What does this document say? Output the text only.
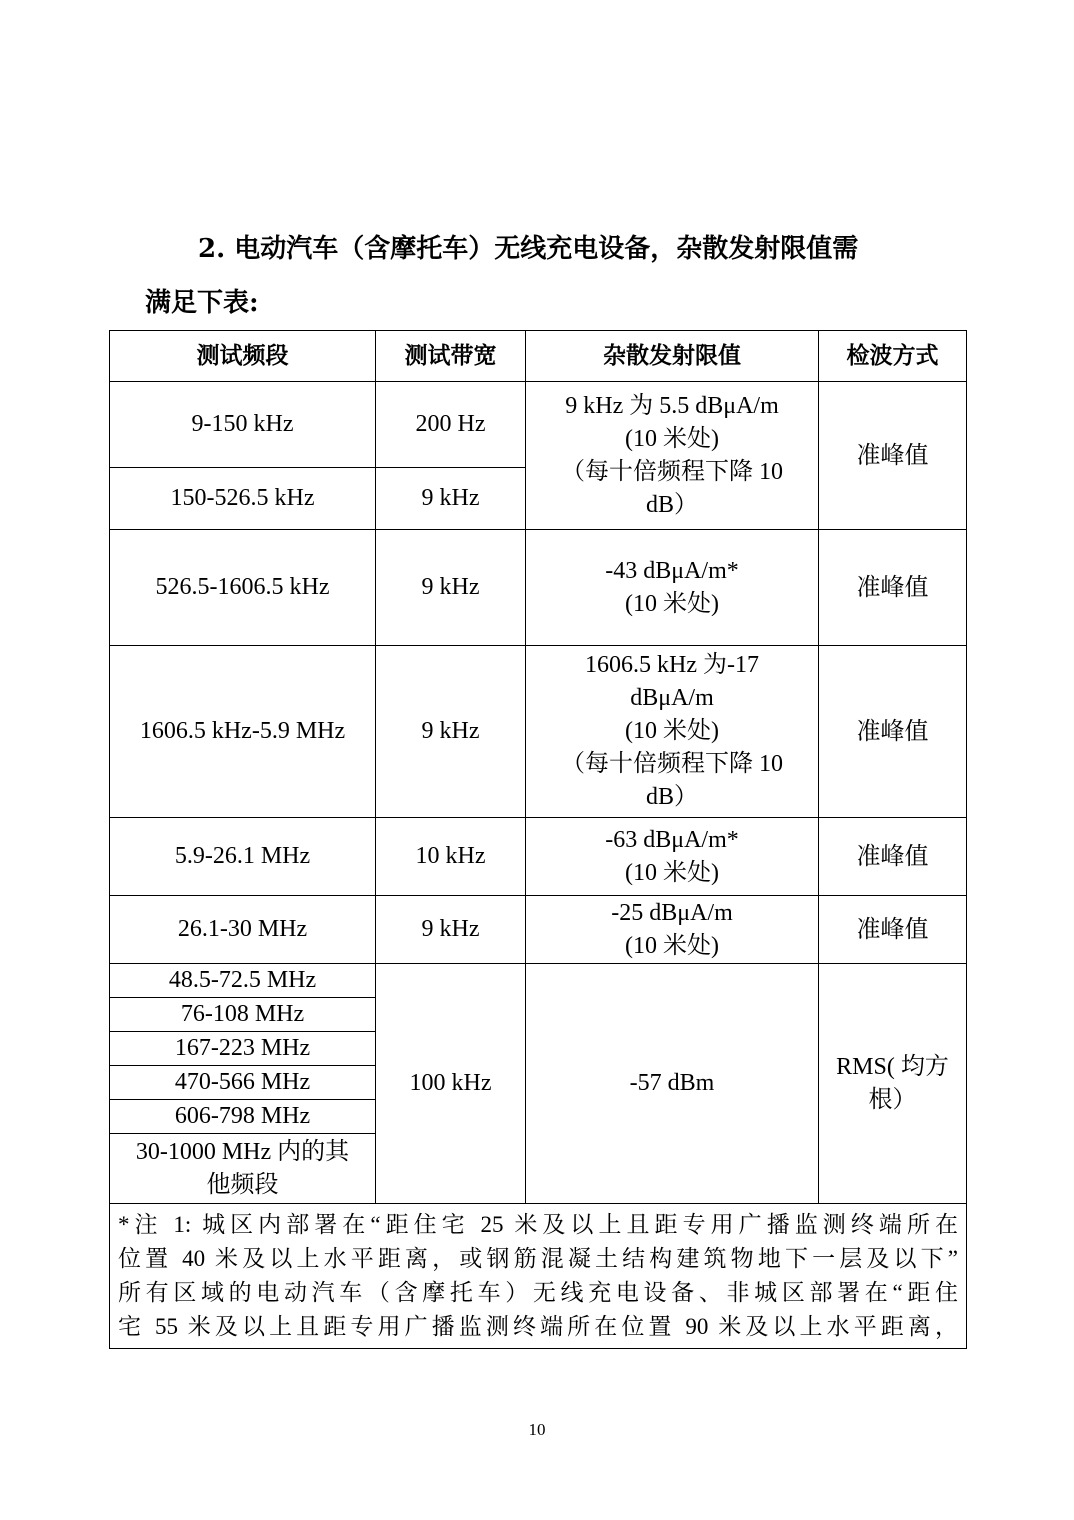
2. 电动汽车（含摩托车）无线充电设备，杂散发射限值需

满足下表:

测试频段	测试带宽	杂散发射限值	检波方式
9-150 kHz	200 Hz	9 kHz 为 5.5 dBμA/m
(10 米处)
（每十倍频程下降 10
dB）	准峰值
150-526.5 kHz	9 kHz		
526.5-1606.5 kHz	9 kHz	-43 dBμA/m*
(10 米处)	准峰值
1606.5 kHz-5.9 MHz	9 kHz	1606.5 kHz 为-17
dBμA/m
(10 米处)
（每十倍频程下降 10
dB）	准峰值
5.9-26.1 MHz	10 kHz	-63 dBμA/m*
(10 米处)	准峰值
26.1-30 MHz	9 kHz	-25 dBμA/m
(10 米处)	准峰值
48.5-72.5 MHz	100 kHz	-57 dBm	RMS( 均方
根）

76-108 MHz			
167-223 MHz			
470-566 MHz			
606-798 MHz			

30-1000 MHz 内的其
他频段			

*注 1: 城区内部署在“距住宅 25 米及以上且距专用广播监测终端所在
位置 40 米及以上水平距离，或钢筋混凝土结构建筑物地下一层及以下”
所有区域的电动汽车（含摩托车）无线充电设备、非城区部署在“距住
宅 55 米及以上且距专用广播监测终端所在位置 90 米及以上水平距离，			
10
